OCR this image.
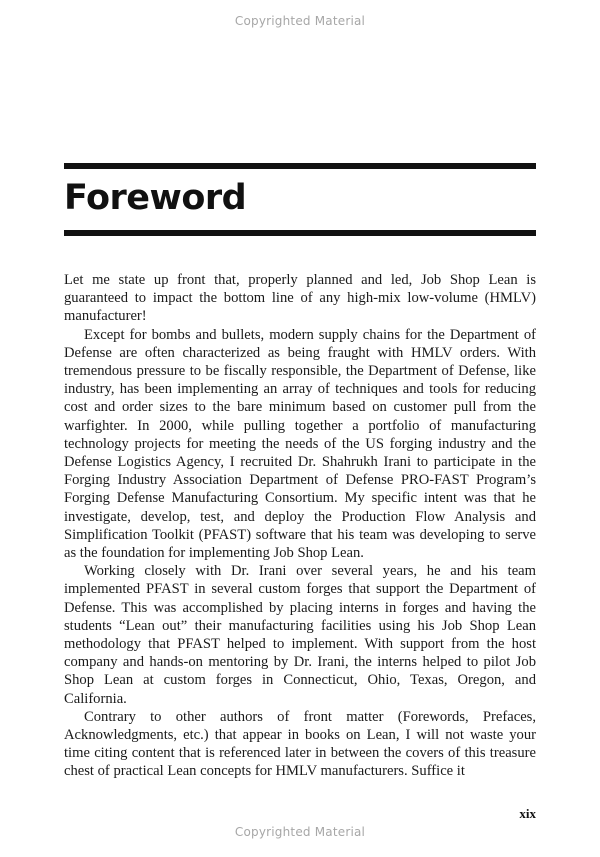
Copyrighted Material
Foreword

Let me state up front that, properly planned and led, Job Shop Lean is guaranteed to impact the bottom line of any high-mix low-volume (HMLV) manufacturer!

Except for bombs and bullets, modern supply chains for the Department of Defense are often characterized as being fraught with HMLV orders. With tremendous pressure to be fiscally responsible, the Department of Defense, like industry, has been implementing an array of techniques and tools for reducing cost and order sizes to the bare minimum based on customer pull from the warfighter. In 2000, while pulling together a portfolio of manufacturing technology projects for meeting the needs of the US forging industry and the Defense Logistics Agency, I recruited Dr. Shahrukh Irani to participate in the Forging Industry Association Department of Defense PRO-FAST Program’s Forging Defense Manufacturing Consortium. My specific intent was that he investigate, develop, test, and deploy the Production Flow Analysis and Simplification Toolkit (PFAST) software that his team was developing to serve as the foundation for implementing Job Shop Lean.

Working closely with Dr. Irani over several years, he and his team implemented PFAST in several custom forges that support the Department of Defense. This was accomplished by placing interns in forges and having the students “Lean out” their manufacturing facilities using his Job Shop Lean methodology that PFAST helped to implement. With support from the host company and hands-on mentoring by Dr. Irani, the interns helped to pilot Job Shop Lean at custom forges in Connecticut, Ohio, Texas, Oregon, and California.

Contrary to other authors of front matter (Forewords, Prefaces, Acknowledgments, etc.) that appear in books on Lean, I will not waste your time citing content that is referenced later in between the covers of this treasure chest of practical Lean concepts for HMLV manufacturers. Suffice it

xix
Copyrighted Material
